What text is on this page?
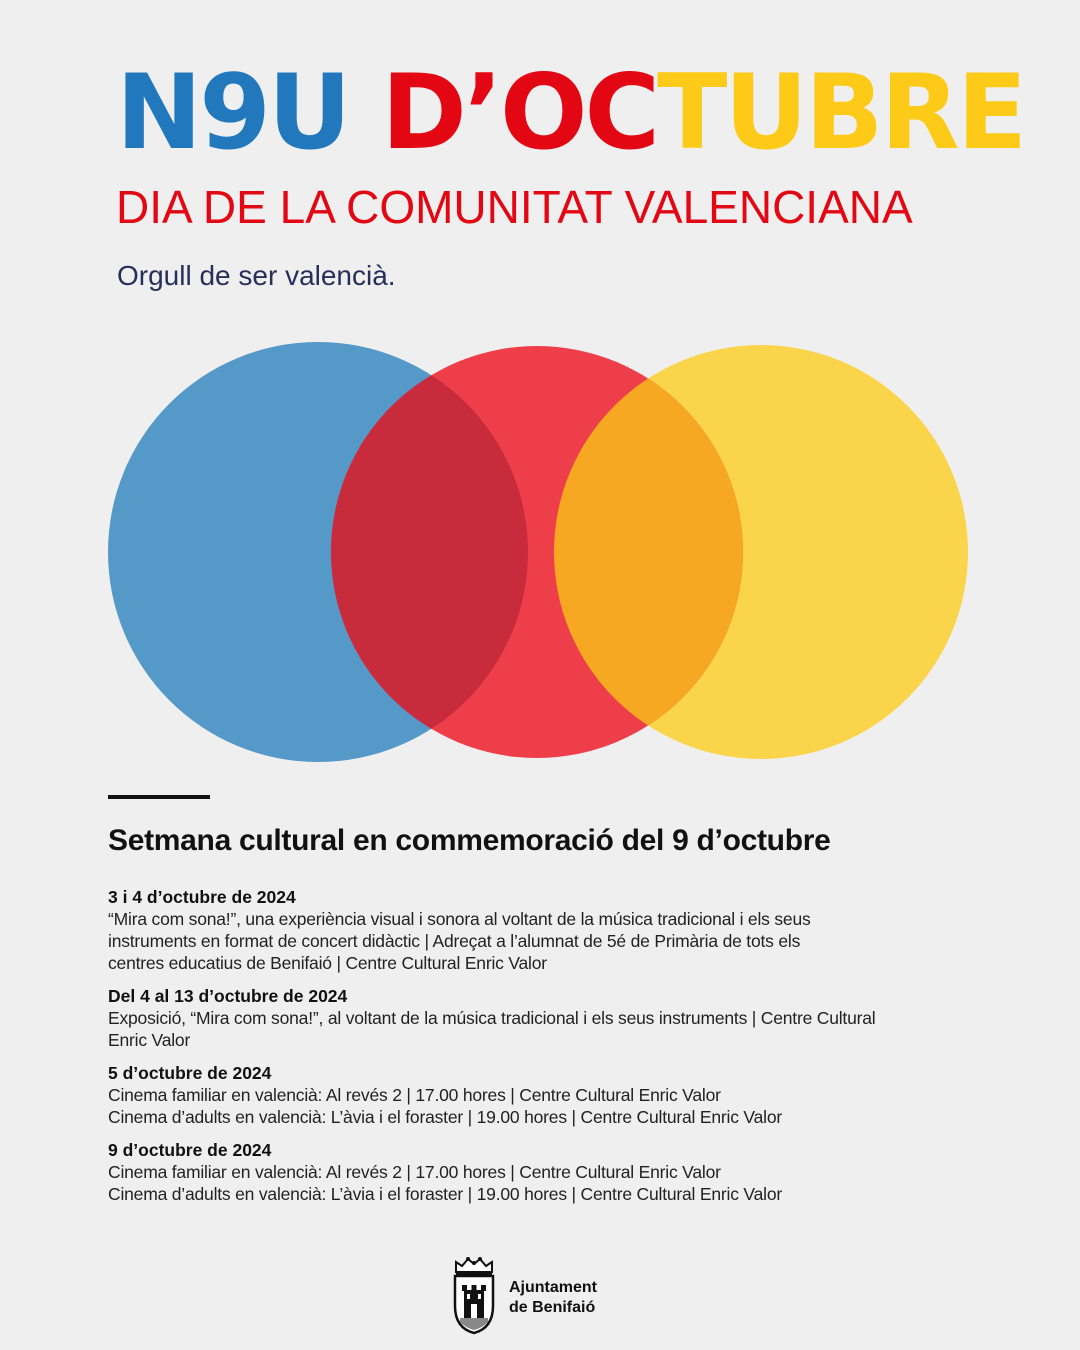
N9U D’OCTUBRE
DIA DE LA COMUNITAT VALENCIANA
Orgull de ser valencià.
Setmana cultural en commemoració del 9 d’octubre
3 i 4 d’octubre de 2024
“Mira com sona!”, una experiència visual i sonora al voltant de la música tradicional i els seus
instruments en format de concert didàctic | Adreçat a l’alumnat de 5é de Primària de tots els
centres educatius de Benifaió | Centre Cultural Enric Valor
Del 4 al 13 d’octubre de 2024
Exposició, “Mira com sona!”, al voltant de la música tradicional i els seus instruments | Centre Cultural
Enric Valor
5 d’octubre de 2024
Cinema familiar en valencià: Al revés 2 | 17.00 hores | Centre Cultural Enric Valor
Cinema d’adults en valencià: L’àvia i el foraster | 19.00 hores | Centre Cultural Enric Valor
9 d’octubre de 2024
Cinema familiar en valencià: Al revés 2 | 17.00 hores | Centre Cultural Enric Valor
Cinema d’adults en valencià: L’àvia i el foraster | 19.00 hores | Centre Cultural Enric Valor
Ajuntament
de Benifaió
